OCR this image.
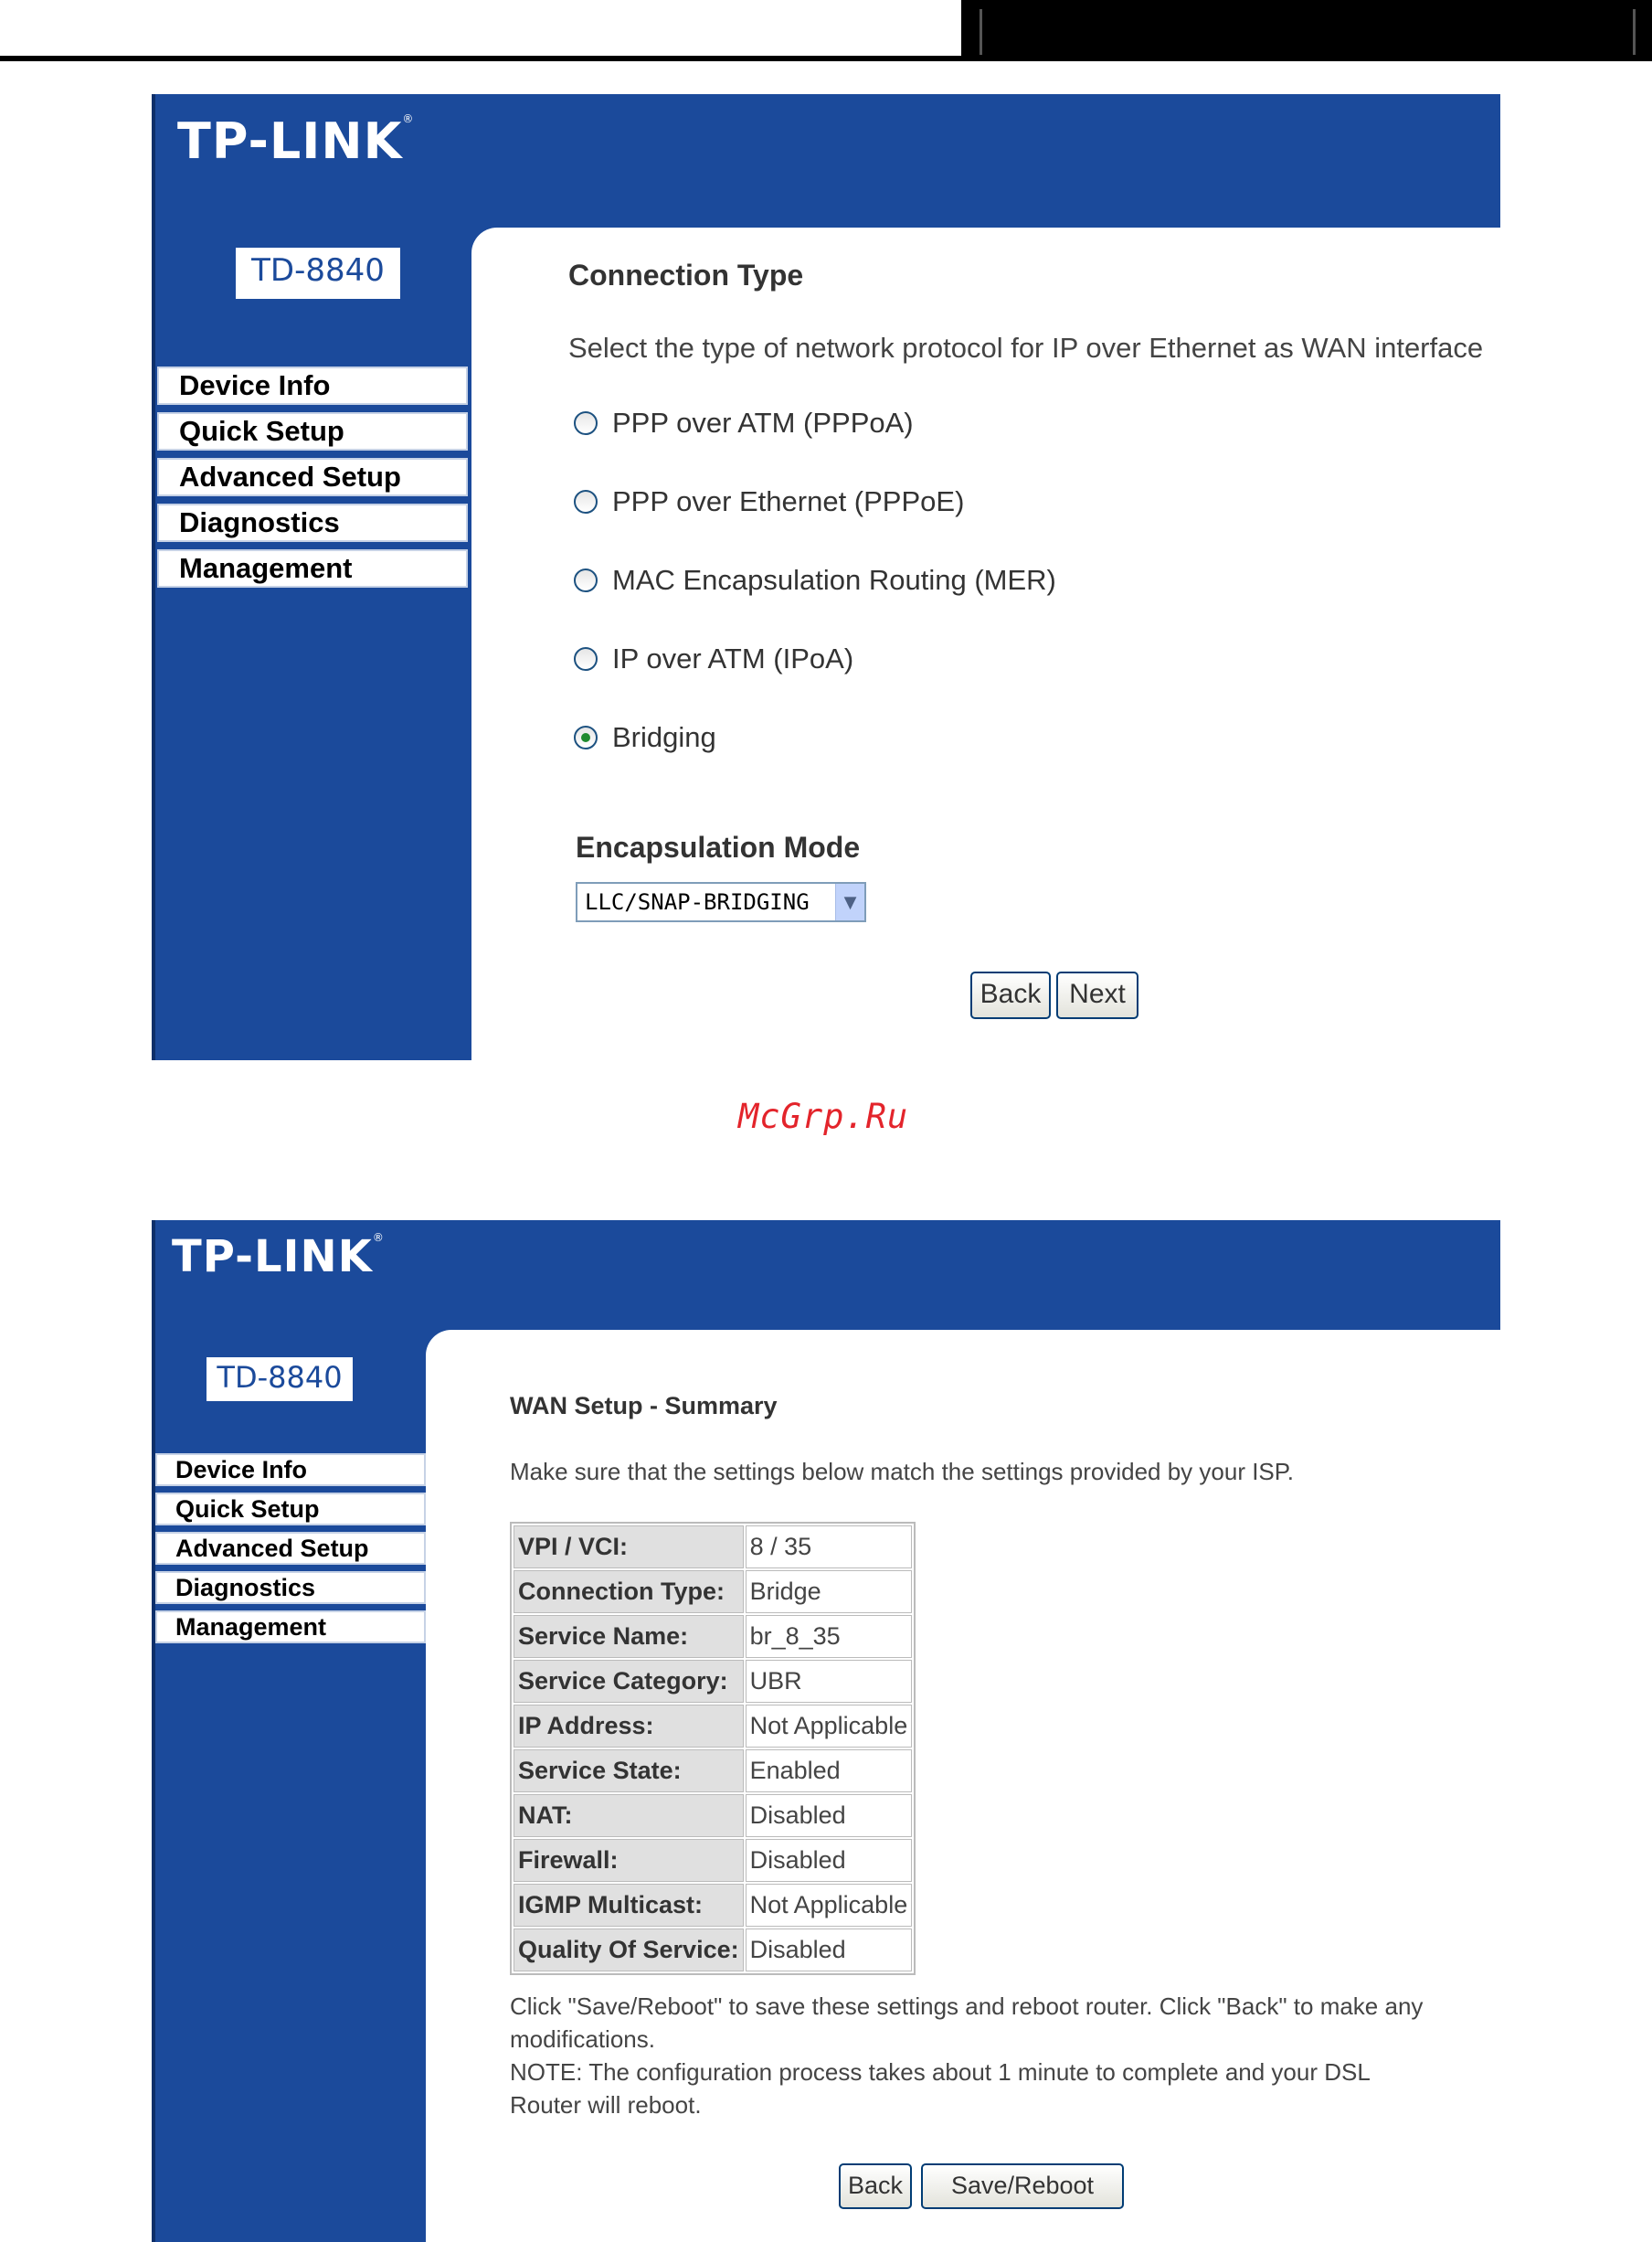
TP-LINK®
TD-8840
Device Info
Quick Setup
Advanced Setup
Diagnostics
Management
Connection Type
Select the type of network protocol for IP over Ethernet as WAN interface
PPP over ATM (PPPoA)
PPP over Ethernet (PPPoE)
MAC Encapsulation Routing (MER)
IP over ATM (IPoA)
Bridging
Encapsulation Mode
LLC/SNAP-BRIDGING	▼
Back	Next
McGrp.Ru
TP-LINK®
TD-8840
Device Info
Quick Setup
Advanced Setup
Diagnostics
Management
WAN Setup - Summary
Make sure that the settings below match the settings provided by your ISP.
VPI / VCI:	8 / 35
Connection Type:	Bridge
Service Name:	br_8_35
Service Category:	UBR
IP Address:	Not Applicable
Service State:	Enabled
NAT:	Disabled
Firewall:	Disabled
IGMP Multicast:	Not Applicable
Quality Of Service:	Disabled
Click "Save/Reboot" to save these settings and reboot router. Click "Back" to make any
modifications.
NOTE: The configuration process takes about 1 minute to complete and your DSL
Router will reboot.
Back	Save/Reboot
